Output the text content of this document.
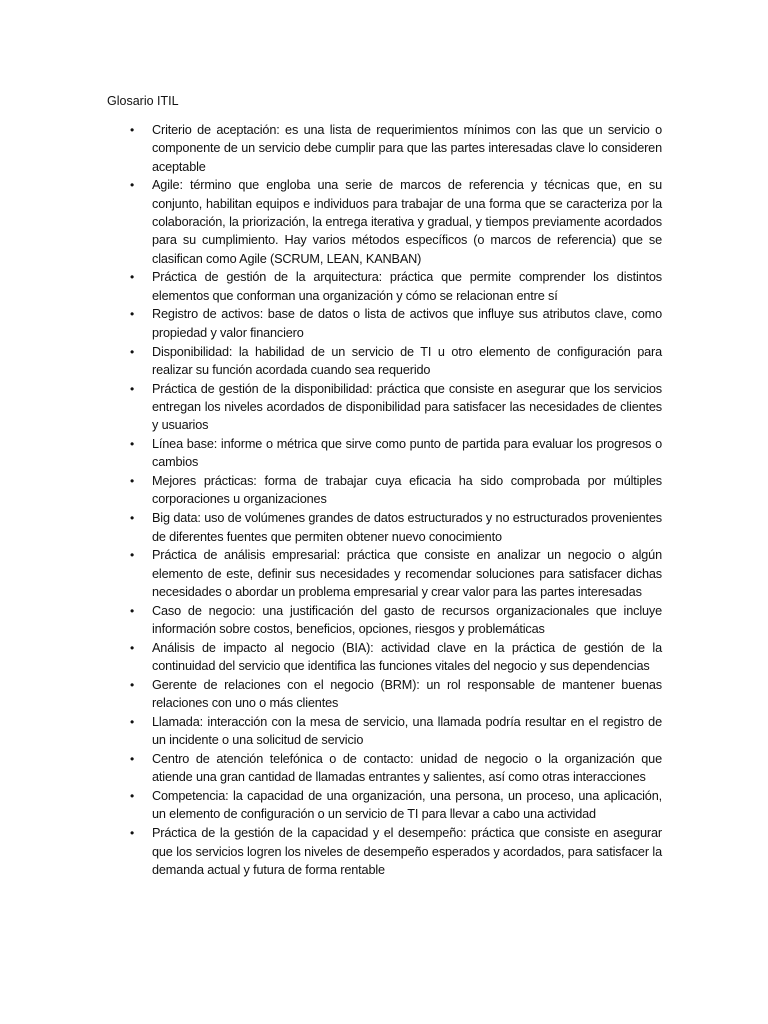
Glosario ITIL
• Criterio de aceptación: es una lista de requerimientos mínimos con las que un servicio o componente de un servicio debe cumplir para que las partes interesadas clave lo consideren aceptable
• Agile: término que engloba una serie de marcos de referencia y técnicas que, en su conjunto, habilitan equipos e individuos para trabajar de una forma que se caracteriza por la colaboración, la priorización, la entrega iterativa y gradual, y tiempos previamente acordados para su cumplimiento. Hay varios métodos específicos (o marcos de referencia) que se clasifican como Agile (SCRUM, LEAN, KANBAN)
• Práctica de gestión de la arquitectura: práctica que permite comprender los distintos elementos que conforman una organización y cómo se relacionan entre sí
• Registro de activos: base de datos o lista de activos que influye sus atributos clave, como propiedad y valor financiero
• Disponibilidad: la habilidad de un servicio de TI u otro elemento de configuración para realizar su función acordada cuando sea requerido
• Práctica de gestión de la disponibilidad: práctica que consiste en asegurar que los servicios entregan los niveles acordados de disponibilidad para satisfacer las necesidades de clientes y usuarios
• Línea base: informe o métrica que sirve como punto de partida para evaluar los progresos o cambios
• Mejores prácticas: forma de trabajar cuya eficacia ha sido comprobada por múltiples corporaciones u organizaciones
• Big data: uso de volúmenes grandes de datos estructurados y no estructurados provenientes de diferentes fuentes que permiten obtener nuevo conocimiento
• Práctica de análisis empresarial: práctica que consiste en analizar un negocio o algún elemento de este, definir sus necesidades y recomendar soluciones para satisfacer dichas necesidades o abordar un problema empresarial y crear valor para las partes interesadas
• Caso de negocio: una justificación del gasto de recursos organizacionales que incluye información sobre costos, beneficios, opciones, riesgos y problemáticas
• Análisis de impacto al negocio (BIA): actividad clave en la práctica de gestión de la continuidad del servicio que identifica las funciones vitales del negocio y sus dependencias
• Gerente de relaciones con el negocio (BRM): un rol responsable de mantener buenas relaciones con uno o más clientes
• Llamada: interacción con la mesa de servicio, una llamada podría resultar en el registro de un incidente o una solicitud de servicio
• Centro de atención telefónica o de contacto: unidad de negocio o la organización que atiende una gran cantidad de llamadas entrantes y salientes, así como otras interacciones
• Competencia: la capacidad de una organización, una persona, un proceso, una aplicación, un elemento de configuración o un servicio de TI para llevar a cabo una actividad
• Práctica de la gestión de la capacidad y el desempeño: práctica que consiste en asegurar que los servicios logren los niveles de desempeño esperados y acordados, para satisfacer la demanda actual y futura de forma rentable
